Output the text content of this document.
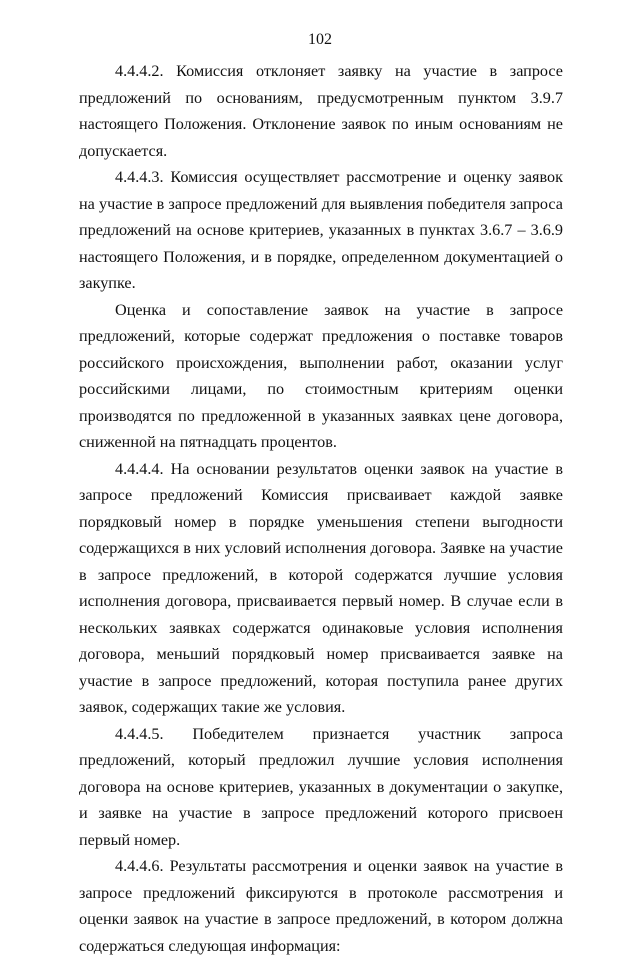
102

4.4.4.2. Комиссия отклоняет заявку на участие в запросе предложений по основаниям, предусмотренным пунктом 3.9.7 настоящего Положения. Отклонение заявок по иным основаниям не допускается.

4.4.4.3. Комиссия осуществляет рассмотрение и оценку заявок на участие в запросе предложений для выявления победителя запроса предложений на основе критериев, указанных в пунктах 3.6.7 – 3.6.9 настоящего Положения, и в порядке, определенном документацией о закупке.

Оценка и сопоставление заявок на участие в запросе предложений, которые содержат предложения о поставке товаров российского происхождения, выполнении работ, оказании услуг российскими лицами, по стоимостным критериям оценки производятся по предложенной в указанных заявках цене договора, сниженной на пятнадцать процентов.

4.4.4.4. На основании результатов оценки заявок на участие в запросе предложений Комиссия присваивает каждой заявке порядковый номер в порядке уменьшения степени выгодности содержащихся в них условий исполнения договора. Заявке на участие в запросе предложений, в которой содержатся лучшие условия исполнения договора, присваивается первый номер. В случае если в нескольких заявках содержатся одинаковые условия исполнения договора, меньший порядковый номер присваивается заявке на участие в запросе предложений, которая поступила ранее других заявок, содержащих такие же условия.

4.4.4.5. Победителем признается участник запроса предложений, который предложил лучшие условия исполнения договора на основе критериев, указанных в документации о закупке, и заявке на участие в запросе предложений которого присвоен первый номер.

4.4.4.6. Результаты рассмотрения и оценки заявок на участие в запросе предложений фиксируются в протоколе рассмотрения и оценки заявок на участие в запросе предложений, в котором должна содержаться следующая информация:
